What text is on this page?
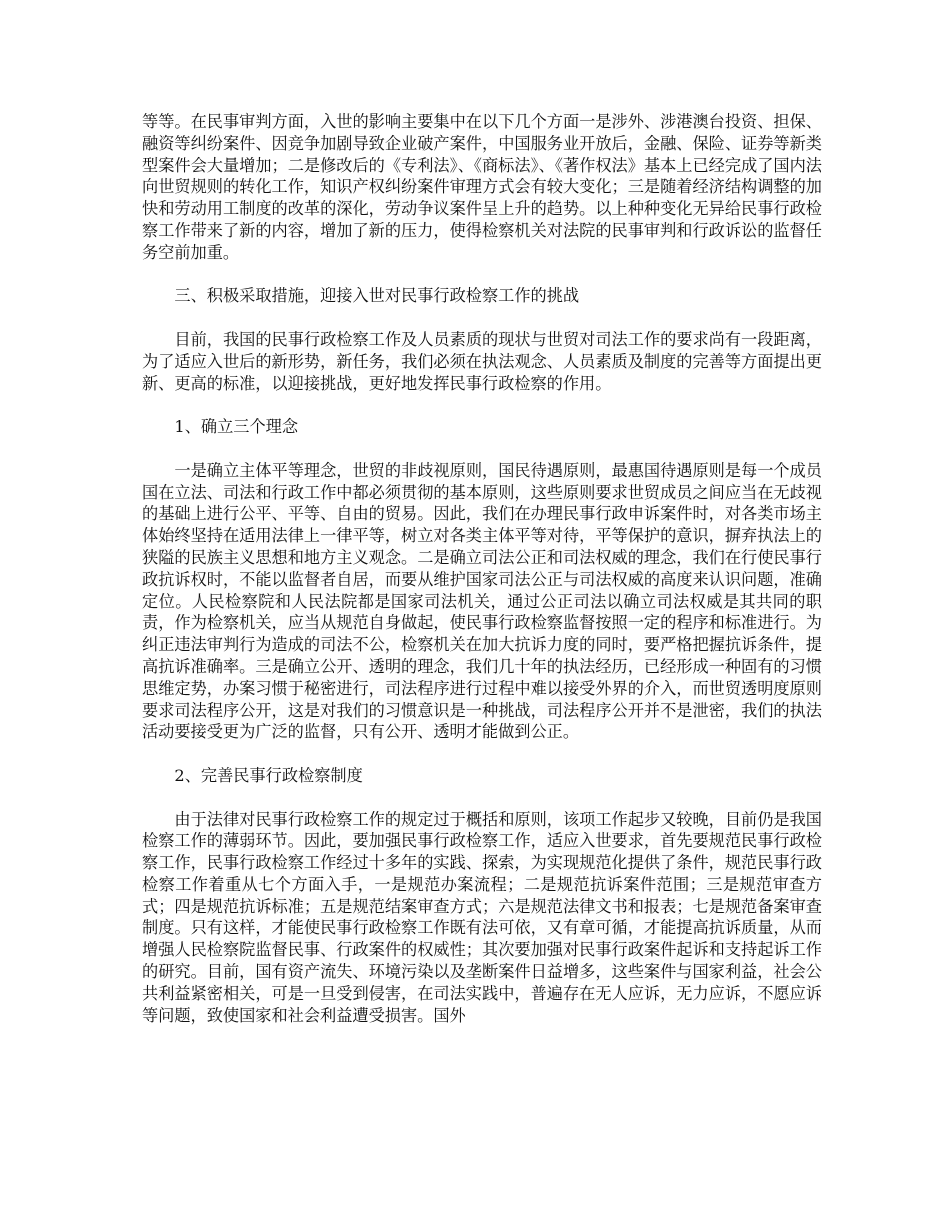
等等。在民事审判方面，入世的影响主要集中在以下几个方面一是涉外、涉港澳台投资、担保、融资等纠纷案件、因竞争加剧导致企业破产案件，中国服务业开放后，金融、保险、证券等新类型案件会大量增加；二是修改后的《专利法》、《商标法》、《著作权法》基本上已经完成了国内法向世贸规则的转化工作，知识产权纠纷案件审理方式会有较大变化；三是随着经济结构调整的加快和劳动用工制度的改革的深化，劳动争议案件呈上升的趋势。以上种种变化无异给民事行政检察工作带来了新的内容，增加了新的压力，使得检察机关对法院的民事审判和行政诉讼的监督任务空前加重。

三、积极采取措施，迎接入世对民事行政检察工作的挑战

目前，我国的民事行政检察工作及人员素质的现状与世贸对司法工作的要求尚有一段距离，为了适应入世后的新形势，新任务，我们必须在执法观念、人员素质及制度的完善等方面提出更新、更高的标准，以迎接挑战，更好地发挥民事行政检察的作用。

1、确立三个理念

一是确立主体平等理念，世贸的非歧视原则，国民待遇原则，最惠国待遇原则是每一个成员国在立法、司法和行政工作中都必须贯彻的基本原则，这些原则要求世贸成员之间应当在无歧视的基础上进行公平、平等、自由的贸易。因此，我们在办理民事行政申诉案件时，对各类市场主体始终坚持在适用法律上一律平等，树立对各类主体平等对待，平等保护的意识，摒弃执法上的狭隘的民族主义思想和地方主义观念。二是确立司法公正和司法权威的理念，我们在行使民事行政抗诉权时，不能以监督者自居，而要从维护国家司法公正与司法权威的高度来认识问题，准确定位。人民检察院和人民法院都是国家司法机关，通过公正司法以确立司法权威是其共同的职责，作为检察机关，应当从规范自身做起，使民事行政检察监督按照一定的程序和标准进行。为纠正违法审判行为造成的司法不公，检察机关在加大抗诉力度的同时，要严格把握抗诉条件，提高抗诉准确率。三是确立公开、透明的理念，我们几十年的执法经历，已经形成一种固有的习惯思维定势，办案习惯于秘密进行，司法程序进行过程中难以接受外界的介入，而世贸透明度原则要求司法程序公开，这是对我们的习惯意识是一种挑战，司法程序公开并不是泄密，我们的执法活动要接受更为广泛的监督，只有公开、透明才能做到公正。

2、完善民事行政检察制度

由于法律对民事行政检察工作的规定过于概括和原则，该项工作起步又较晚，目前仍是我国检察工作的薄弱环节。因此，要加强民事行政检察工作，适应入世要求，首先要规范民事行政检察工作，民事行政检察工作经过十多年的实践、探索，为实现规范化提供了条件，规范民事行政检察工作着重从七个方面入手，一是规范办案流程；二是规范抗诉案件范围；三是规范审查方式；四是规范抗诉标准；五是规范结案审查方式；六是规范法律文书和报表；七是规范备案审查制度。只有这样，才能使民事行政检察工作既有法可依，又有章可循，才能提高抗诉质量，从而增强人民检察院监督民事、行政案件的权威性；其次要加强对民事行政案件起诉和支持起诉工作的研究。目前，国有资产流失、环境污染以及垄断案件日益增多，这些案件与国家利益，社会公共利益紧密相关，可是一旦受到侵害，在司法实践中，普遍存在无人应诉，无力应诉，不愿应诉等问题，致使国家和社会利益遭受损害。国外
